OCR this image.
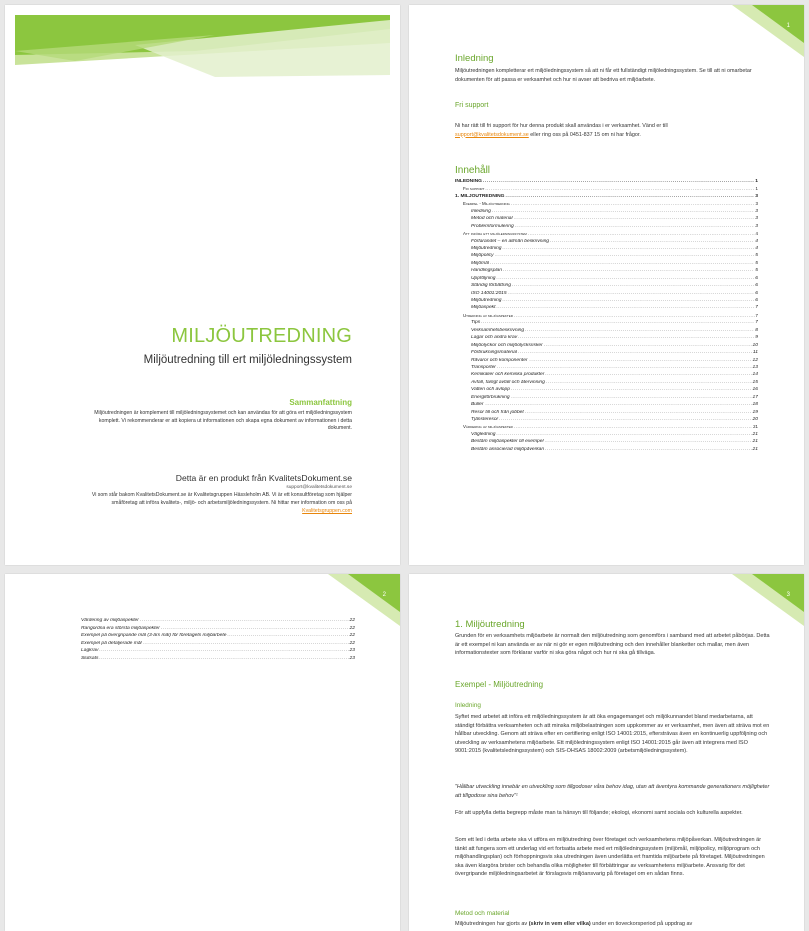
MILJÖUTREDNING
Miljöutredning till ert miljöledningssystem
Sammanfattning
Miljöutredningen är komplement till miljöledningssystemet och kan användas för att göra ert miljöledningssystem komplett. Vi rekommenderar er att kopiera ut informationen och skapa egna dokument av informationen i detta dokument.
Detta är en produkt från KvalitetsDokument.se
support@kvalitetsdokument.se
Vi som står bakom KvalitetsDokument.se är Kvalitetsgruppen Hässleholm AB. Vi är ett konsultföretag som hjälper småföretag att införa kvalitets-, miljö- och arbetsmiljöledningssystem. Ni hittar mer information om oss på Kvalitetsgruppen.com
1
Inledning
Miljöutredningen kompletterar ert miljöledningssystem så att ni får ett fullständigt miljöledningssystem. Se till att ni omarbetar dokumenten för att passa er verksamhet och hur ni avser att bedriva ert miljöarbete.
Fri support
Ni har rätt till fri support för hur denna produkt skall användas i er verksamhet. Vänd er till
support@kvalitetsdokument.se eller ring oss på 0451-837 15 om ni har frågor.
Innehåll
INLEDNING .....	1
Fri support .....	1
1. MILJÖUTREDNING .....	3
Exempel - Miljöutredning .....	3
Inledning .....	3
Metod och material .....	3
Problemformulering .....	3
Att införa ett miljöledningssystem .....	4
Förfarandet – en allmän beskrivning .....	4
Miljöutredning .....	4
Miljöpolicy .....	5
Miljömål .....	5
Handlingsplan .....	5
Uppföljning .....	6
Ständig förbättring .....	6
ISO 14001:2015 .....	6
Miljöutredning .....	6
Miljöaspekt .....	7
Utredning av miljöaspekter .....	7
Tips .....	7
Verksamhetsbeskrivning .....	8
Lagar och andra krav .....	9
Miljöolyckor och miljöolycksrisker .....	10
Förbrukningsmaterial .....	11
Råvaror och komponenter .....	12
Transporter .....	13
Kemikalier och kemiska produkter .....	14
Avfall, farligt avfall och återvinning .....	15
Vatten och avlopp .....	16
Energiförbrukning .....	17
Buller .....	18
Resor till och från jobbet .....	19
Tjänsteresor .....	20
Värdering av miljöaspekter .....	21
Vägledning .....	21
Bestäm miljöaspekter till exempel .....	21
Bestäm associerad miljöpåverkan .....	21
2
Värdering av miljöaspekter .....	22
Rangordna era största miljöaspekter .....	22
Exempel på övergripande mål (3-års mål) för företagets miljöarbete .....	22
Exempel på detaljerade mål .....	22
Lagkrav .....	23
Slutsats .....	23
3
1. Miljöutredning
Grunden för en verksamhets miljöarbete är normalt den miljöutredning som genomförs i samband med att arbetet påbörjas. Detta är ett exempel ni kan använda er av när ni gör er egen miljöutredning och den innehåller blanketter och mallar, men även informationstexter som förklarar varför ni ska göra något och hur ni ska gå tillväga.
Exempel - Miljöutredning
Inledning
Syftet med arbetet att införa ett miljöledningssystem är att öka engagemanget och miljökunnandet bland medarbetarna, att ständigt förbättra verksamheten och att minska miljöbelastningen som uppkommer av er verksamhet, men även att sträva mot en hållbar utveckling. Genom att sträva efter en certifiering enligt ISO 14001:2015, eftersträvas även en kontinuerlig uppföljning och utveckling av verksamhetens miljöarbete. Ett miljöledningssystem enligt ISO 14001:2015 går även att integrera med ISO 9001:2015 (kvalitetsledningssystem) och SIS-OHSAS 18002:2009 (arbetsmiljöledningssystem).
”Hållbar utveckling innebär en utveckling som tillgodoser våra behov idag, utan att äventyra kommande generationers möjligheter att tillgodose sina behov”¹
För att uppfylla detta begrepp måste man ta hänsyn till följande; ekologi, ekonomi samt sociala och kulturella aspekter.
Som ett led i detta arbete ska vi utföra en miljöutredning över företaget och verksamhetens miljöpåverkan. Miljöutredningen är tänkt att fungera som ett underlag vid ert fortsatta arbete med ert miljöledningssystem (miljömål, miljöpolicy, miljöprogram och miljöhandlingsplan) och förhoppningsvis ska utredningen även underlätta ert framtida miljöarbete på företaget. Miljöutredningen ska även klargöra brister och behandla olika möjligheter till förbättringar av verksamhetens miljöarbete. Ansvarig för det övergripande miljöledningsarbetet är förslagsvis miljöansvarig på företaget om en sådan finns.
Metod och material
Miljöutredningen har gjorts av (skriv in vem eller vilka) under en tioveckorsperiod på uppdrag av
